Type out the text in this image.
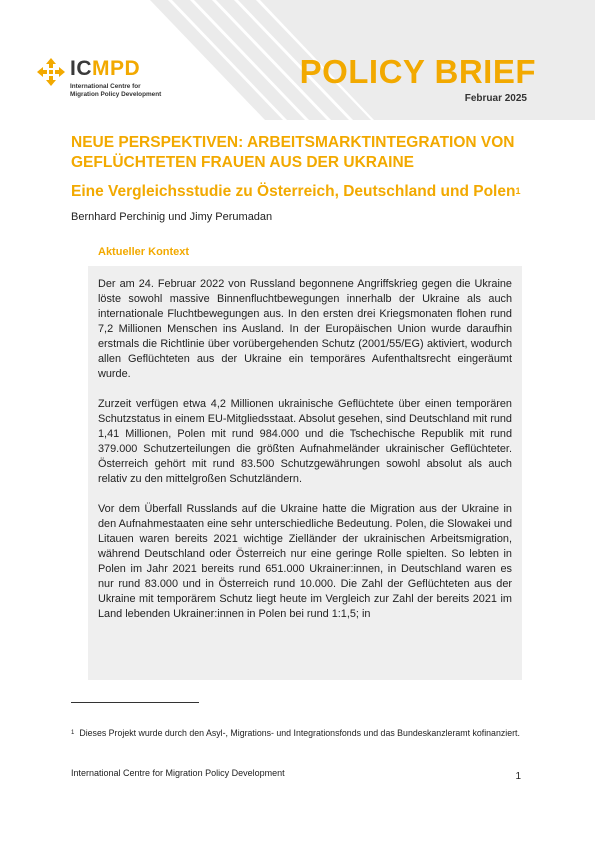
ICMPD
International Centre for
Migration Policy Development
POLICY BRIEF
Februar 2025
NEUE PERSPEKTIVEN: ARBEITSMARKTINTEGRATION VON GEFLÜCHTETEN FRAUEN AUS DER UKRAINE
Eine Vergleichsstudie zu Österreich, Deutschland und Polen$^1$
Bernhard Perchinig und Jimy Perumadan
Aktueller Kontext

Der am 24. Februar 2022 von Russland begonnene Angriffskrieg gegen die Ukraine löste sowohl massive Binnenfluchtbewegungen innerhalb der Ukraine als auch internationale Fluchtbewegungen aus. In den ersten drei Kriegsmonaten flohen rund 7,2 Millionen Menschen ins Ausland. In der Europäischen Union wurde daraufhin erstmals die Richtlinie über vorübergehenden Schutz (2001/55/EG) aktiviert, wodurch allen Geflüchteten aus der Ukraine ein temporäres Aufenthaltsrecht eingeräumt wurde.

Zurzeit verfügen etwa 4,2 Millionen ukrainische Geflüchtete über einen temporären Schutzstatus in einem EU-Mitgliedsstaat. Absolut gesehen, sind Deutschland mit rund 1,41 Millionen, Polen mit rund 984.000 und die Tschechische Republik mit rund 379.000 Schutzerteilungen die größten Aufnahmeländer ukrainischer Geflüchteter. Österreich gehört mit rund 83.500 Schutzgewährungen sowohl absolut als auch relativ zu den mittelgroßen Schutzländern.

Vor dem Überfall Russlands auf die Ukraine hatte die Migration aus der Ukraine in den Aufnahmestaaten eine sehr unterschiedliche Bedeutung. Polen, die Slowakei und Litauen waren bereits 2021 wichtige Zielländer der ukrainischen Arbeitsmigration, während Deutschland oder Österreich nur eine geringe Rolle spielten. So lebten in Polen im Jahr 2021 bereits rund 651.000 Ukrainer:innen, in Deutschland waren es nur rund 83.000 und in Österreich rund 10.000. Die Zahl der Geflüchteten aus der Ukraine mit temporärem Schutz liegt heute im Vergleich zur Zahl der bereits 2021 im Land lebenden Ukrainer:innen in Polen bei rund 1:1,5; in

$^1$ Dieses Projekt wurde durch den Asyl-, Migrations- und Integrationsfonds und das Bundeskanzleramt kofinanziert.

International Centre for Migration Policy Development	1
